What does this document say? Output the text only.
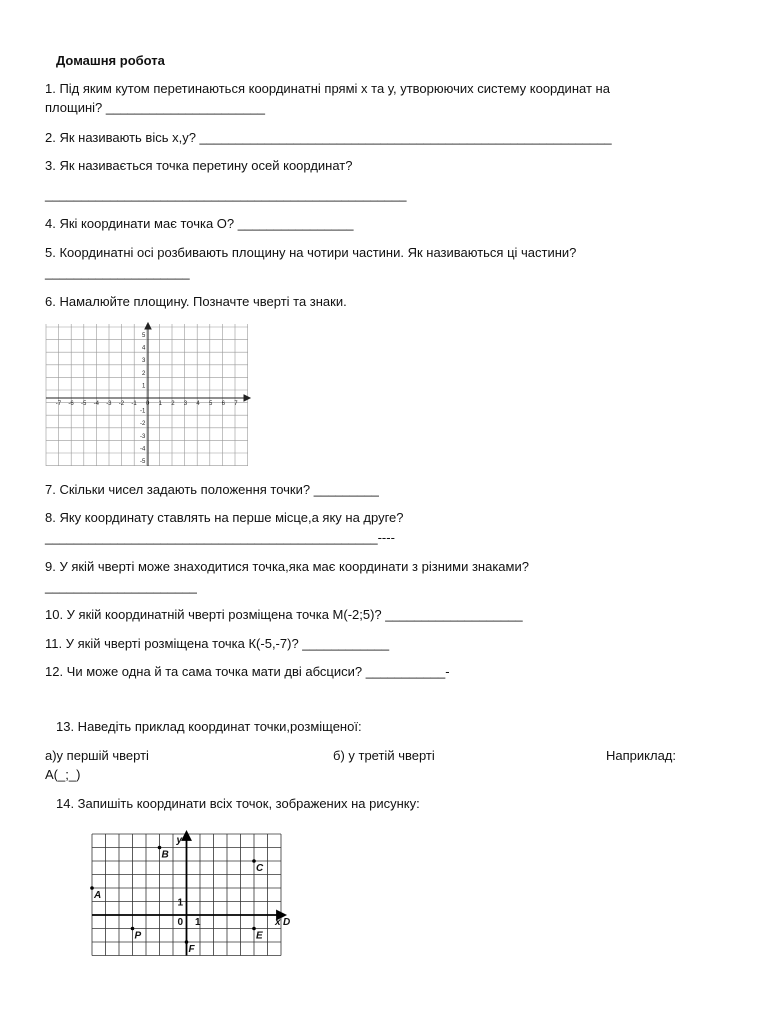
Домашня робота
1. Під яким кутом перетинаються координатні прямі х та у, утворюючих систему координат на
площині? ______________________
2. Як називають вісь х,у? _________________________________________________________
3. Як називається точка перетину осей координат?
__________________________________________________
4. Які координати має точка О? ________________
5. Координатні осі розбивають площину на чотири частини. Як називаються ці частини?
____________________
6. Намалюйте площину. Позначте чверті та знаки.
-7 -6 -5 -4 -3 -2 -1 0 1 2 3 4 5 6 7
5
4
3
2
1
-1
-2
-3
-4
-5
7. Скільки чисел задають положення точки? _________
8. Яку координату ставлять на перше місце,а яку на друге?
______________________________________________----
9. У якій чверті може знаходитися точка,яка має координати з різними знаками?
_____________________
10. У якій координатній чверті розміщена точка М(-2;5)? ___________________
11. У якій чверті розміщена точка К(-5,-7)? ____________
12. Чи може одна й та сама точка мати дві абсциси? ___________-
13. Наведіть приклад координат точки,розміщеної:
а)у першій чверті	б) у третій чверті	Наприклад:
А(_;_)
14. Запишіть координати всіх точок, зображених на рисунку:
y
x
0 1
1
A
B
C
D
P	E
F
